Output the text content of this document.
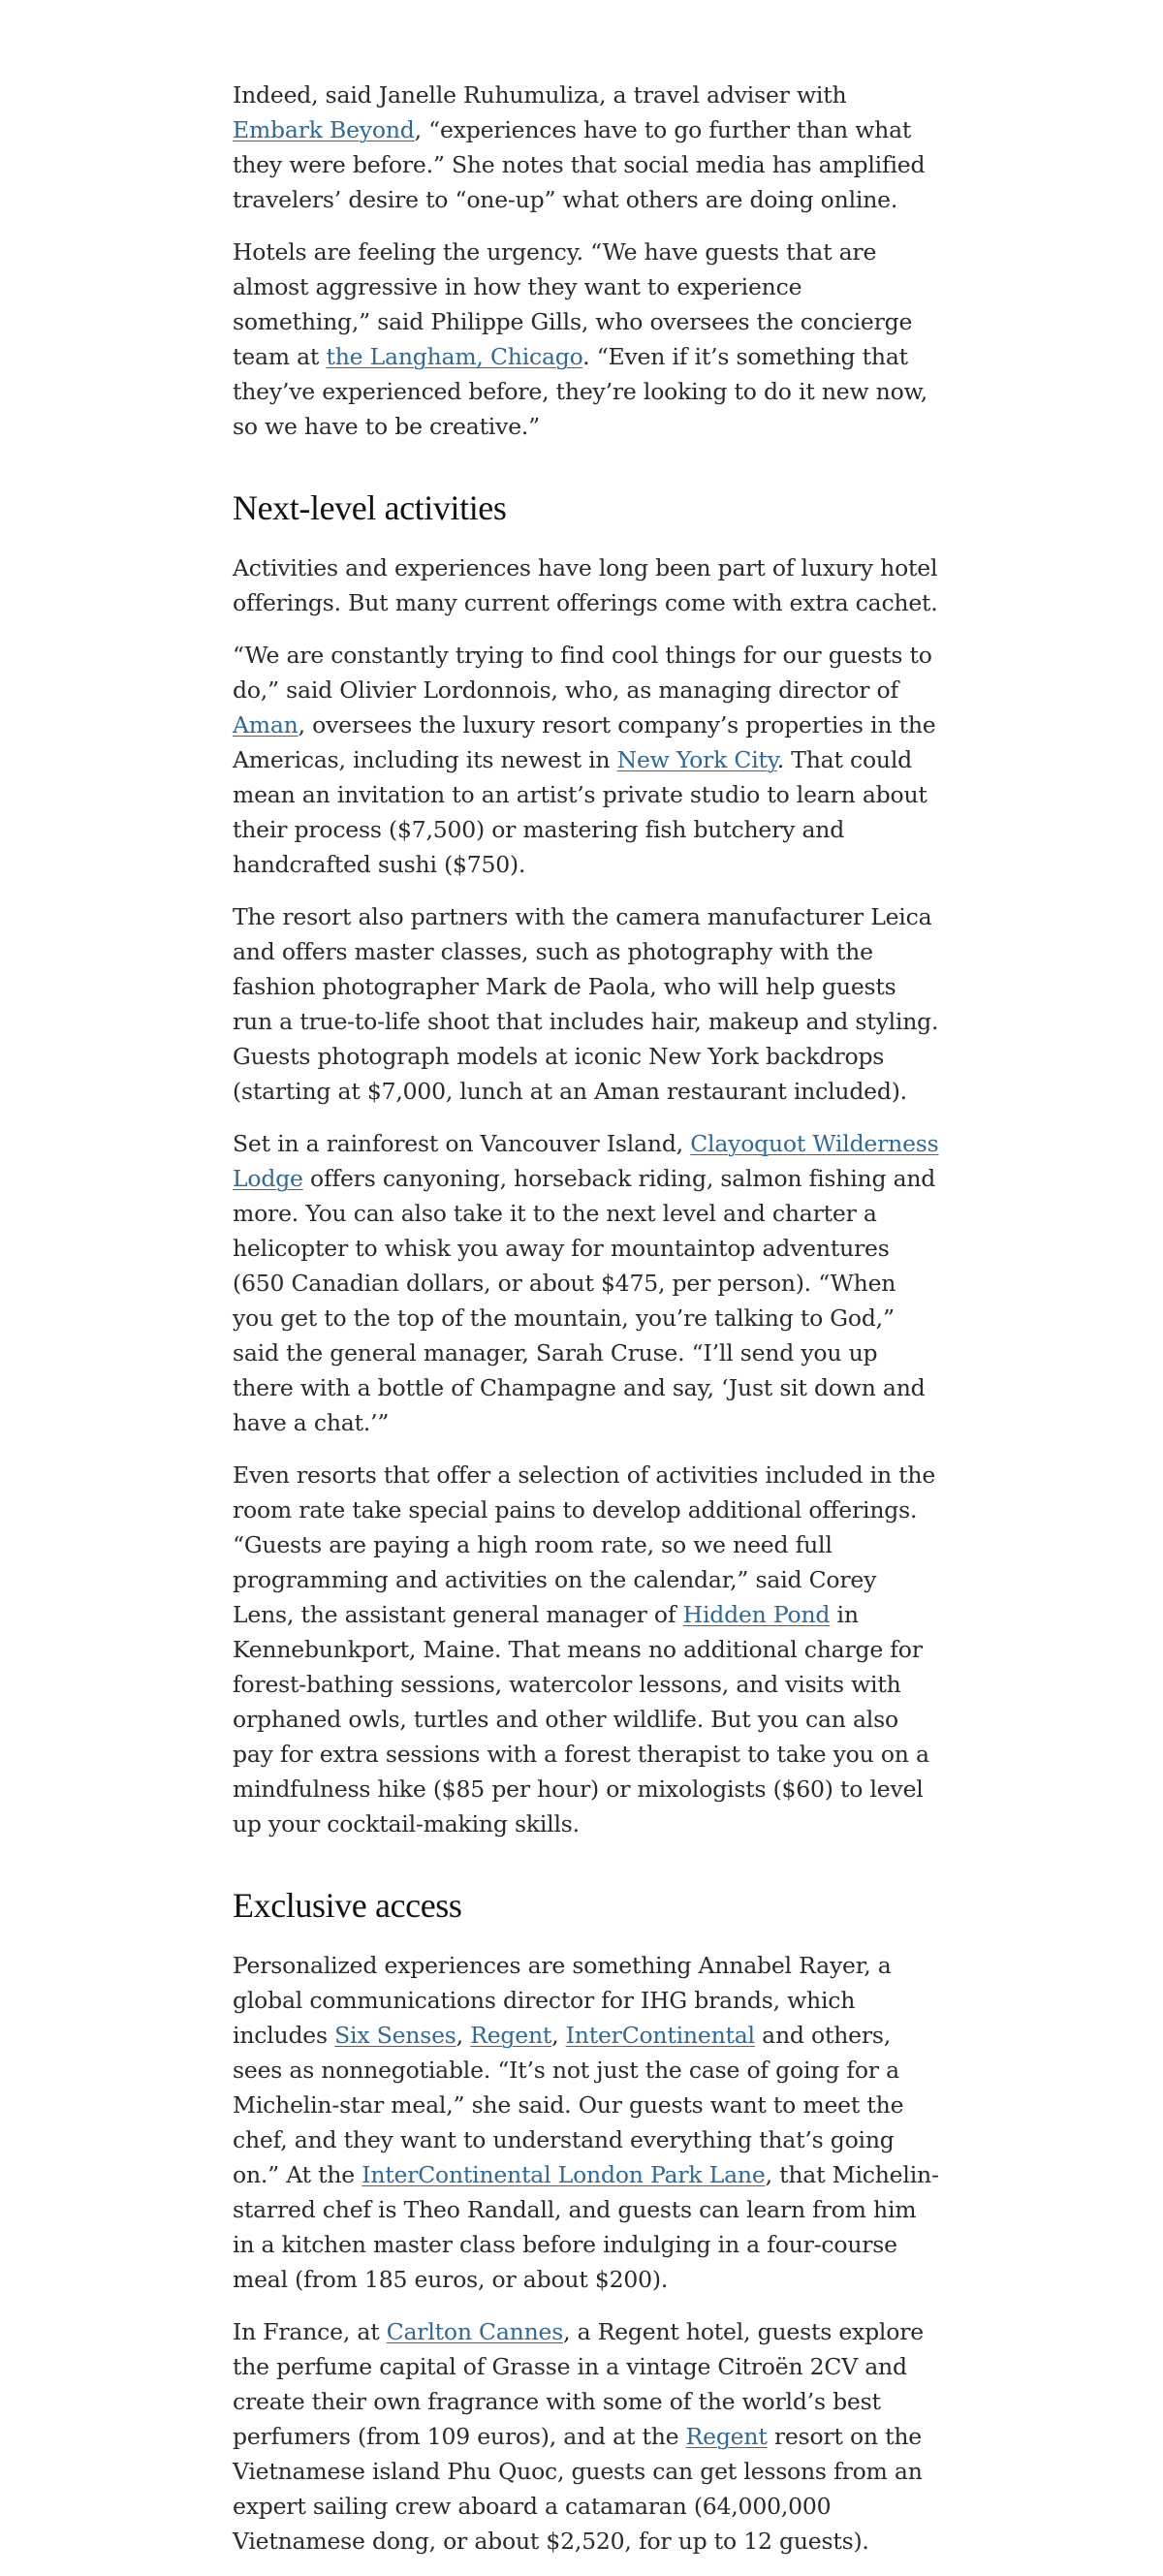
Indeed, said Janelle Ruhumuliza, a travel adviser with Embark Beyond, “experiences have to go further than what they were before.” She notes that social media has amplified travelers’ desire to “one-up” what others are doing online.

Hotels are feeling the urgency. “We have guests that are almost aggressive in how they want to experience something,” said Philippe Gills, who oversees the concierge team at the Langham, Chicago. “Even if it’s something that they’ve experienced before, they’re looking to do it new now, so we have to be creative.”

Next-level activities

Activities and experiences have long been part of luxury hotel offerings. But many current offerings come with extra cachet.

“We are constantly trying to find cool things for our guests to do,” said Olivier Lordonnois, who, as managing director of Aman, oversees the luxury resort company’s properties in the Americas, including its newest in New York City. That could mean an invitation to an artist’s private studio to learn about their process ($7,500) or mastering fish butchery and handcrafted sushi ($750).

The resort also partners with the camera manufacturer Leica and offers master classes, such as photography with the fashion photographer Mark de Paola, who will help guests run a true-to-life shoot that includes hair, makeup and styling. Guests photograph models at iconic New York backdrops (starting at $7,000, lunch at an Aman restaurant included).

Set in a rainforest on Vancouver Island, Clayoquot Wilderness Lodge offers canyoning, horseback riding, salmon fishing and more. You can also take it to the next level and charter a helicopter to whisk you away for mountaintop adventures (650 Canadian dollars, or about $475, per person). “When you get to the top of the mountain, you’re talking to God,” said the general manager, Sarah Cruse. “I’ll send you up there with a bottle of Champagne and say, ‘Just sit down and have a chat.’”

Even resorts that offer a selection of activities included in the room rate take special pains to develop additional offerings. “Guests are paying a high room rate, so we need full programming and activities on the calendar,” said Corey Lens, the assistant general manager of Hidden Pond in Kennebunkport, Maine. That means no additional charge for forest-bathing sessions, watercolor lessons, and visits with orphaned owls, turtles and other wildlife. But you can also pay for extra sessions with a forest therapist to take you on a mindfulness hike ($85 per hour) or mixologists ($60) to level up your cocktail-making skills.

Exclusive access

Personalized experiences are something Annabel Rayer, a global communications director for IHG brands, which includes Six Senses, Regent, InterContinental and others, sees as nonnegotiable. “It’s not just the case of going for a Michelin-star meal,” she said. Our guests want to meet the chef, and they want to understand everything that’s going on.” At the InterContinental London Park Lane, that Michelin-starred chef is Theo Randall, and guests can learn from him in a kitchen master class before indulging in a four-course meal (from 185 euros, or about $200).

In France, at Carlton Cannes, a Regent hotel, guests explore the perfume capital of Grasse in a vintage Citroën 2CV and create their own fragrance with some of the world’s best perfumers (from 109 euros), and at the Regent resort on the Vietnamese island Phu Quoc, guests can get lessons from an expert sailing crew aboard a catamaran (64,000,000 Vietnamese dong, or about $2,520, for up to 12 guests).
